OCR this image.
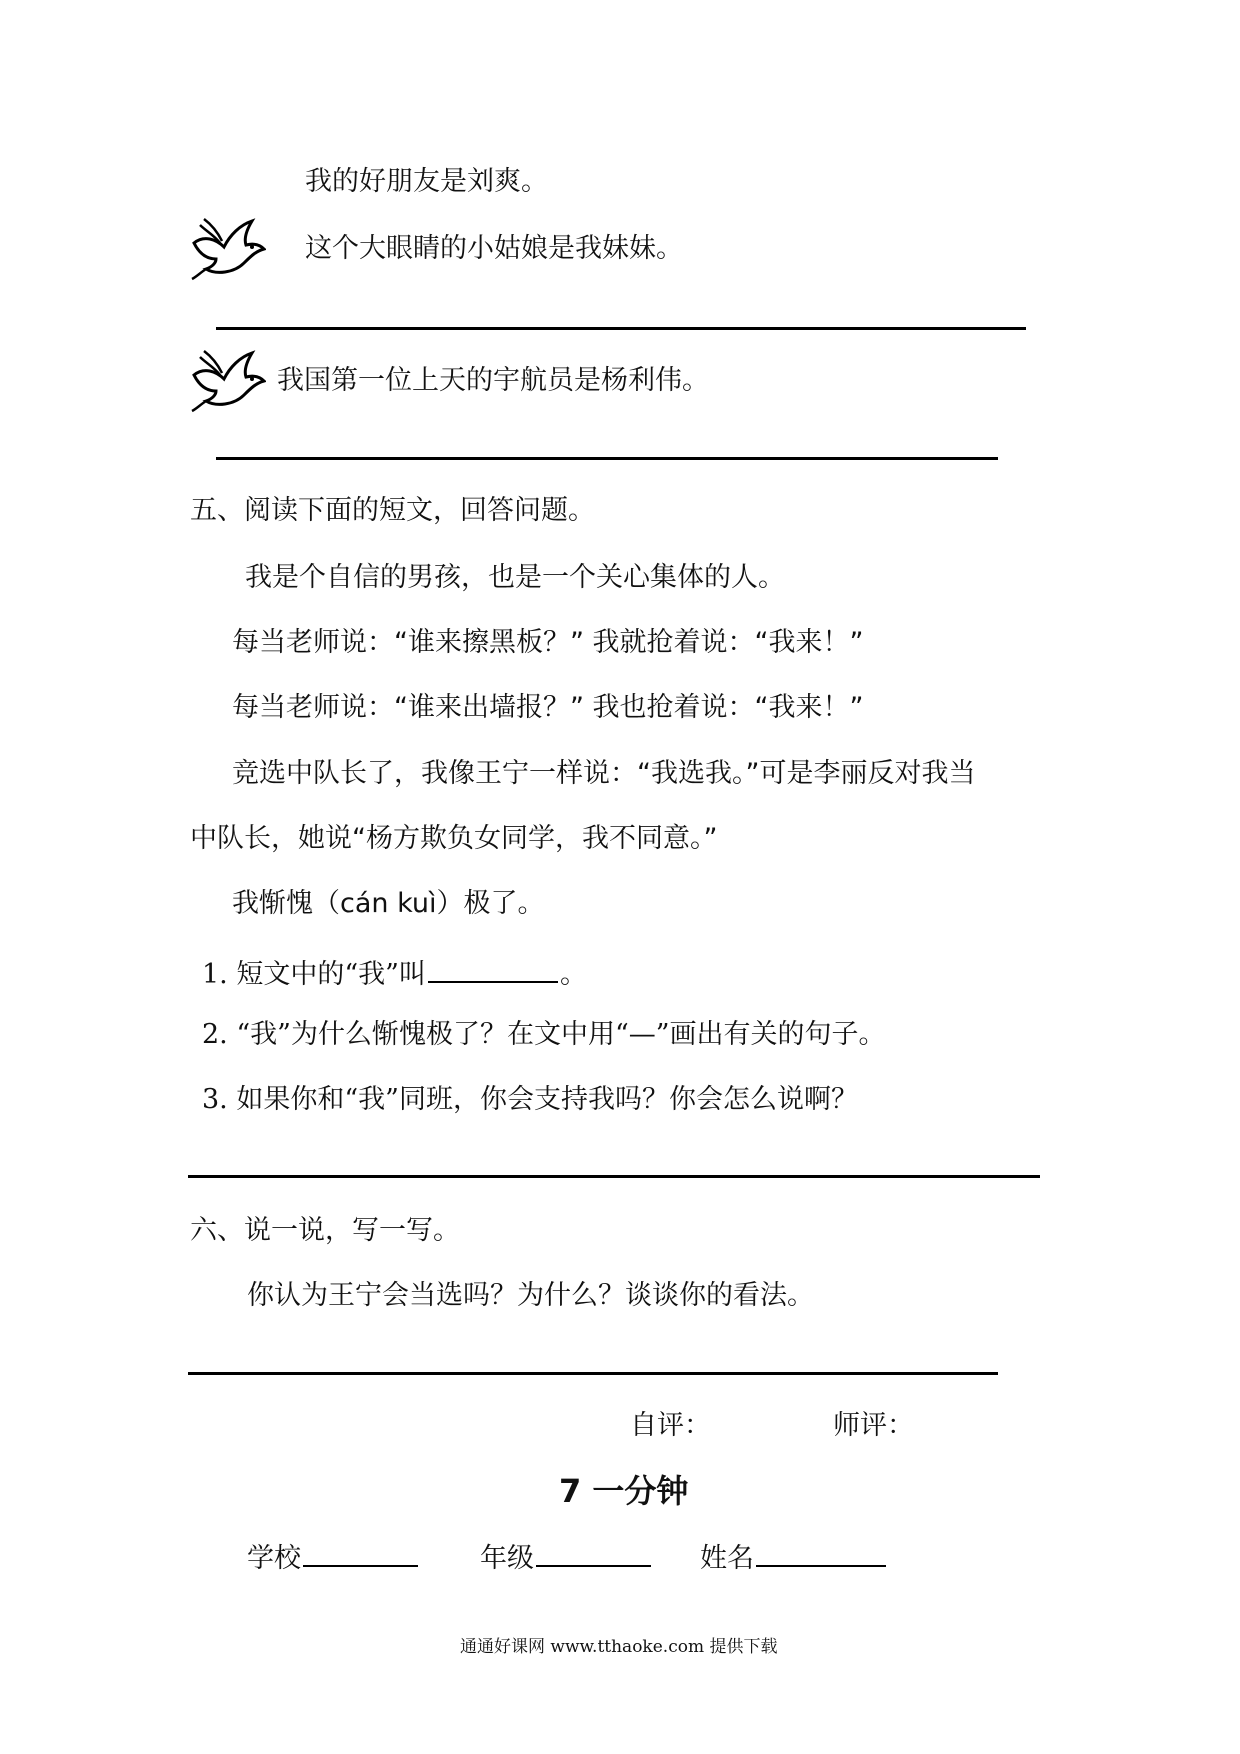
我的好朋友是刘爽。
这个大眼睛的小姑娘是我妹妹。
我国第一位上天的宇航员是杨利伟。
五、阅读下面的短文，回答问题。
我是个自信的男孩，也是一个关心集体的人。
每当老师说：“谁来擦黑板？” 我就抢着说：“我来！”
每当老师说：“谁来出墙报？” 我也抢着说：“我来！”
竞选中队长了，我像王宁一样说：“我选我。”可是李丽反对我当
中队长，她说“杨方欺负女同学，我不同意。”
我惭愧（cán kuì）极了。
1. 短文中的“我”叫	。
2. “我”为什么惭愧极了？在文中用“—”画出有关的句子。
3. 如果你和“我”同班，你会支持我吗？你会怎么说啊？
六、说一说，写一写。
你认为王宁会当选吗？为什么？谈谈你的看法。
自评：	师评：
7 一分钟
学校	年级	姓名
通通好课网 www.tthaoke.com 提供下载
